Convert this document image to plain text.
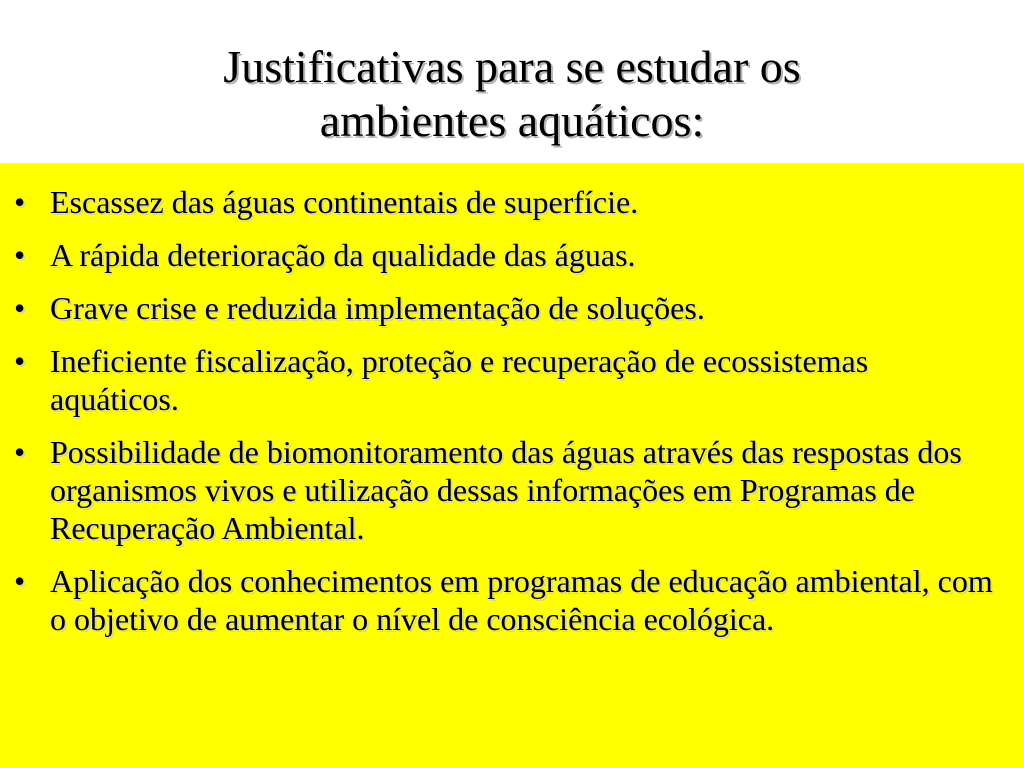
Justificativas para se estudar os
ambientes aquáticos:
• Escassez das águas continentais de superfície.
• A rápida deterioração da qualidade das águas.
• Grave crise e reduzida implementação de soluções.
• Ineficiente fiscalização, proteção e recuperação de ecossistemas aquáticos.
• Possibilidade de biomonitoramento das águas através das respostas dos organismos vivos e utilização dessas informações em Programas de Recuperação Ambiental.
• Aplicação dos conhecimentos em programas de educação ambiental, com o objetivo de aumentar o nível de consciência ecológica.
